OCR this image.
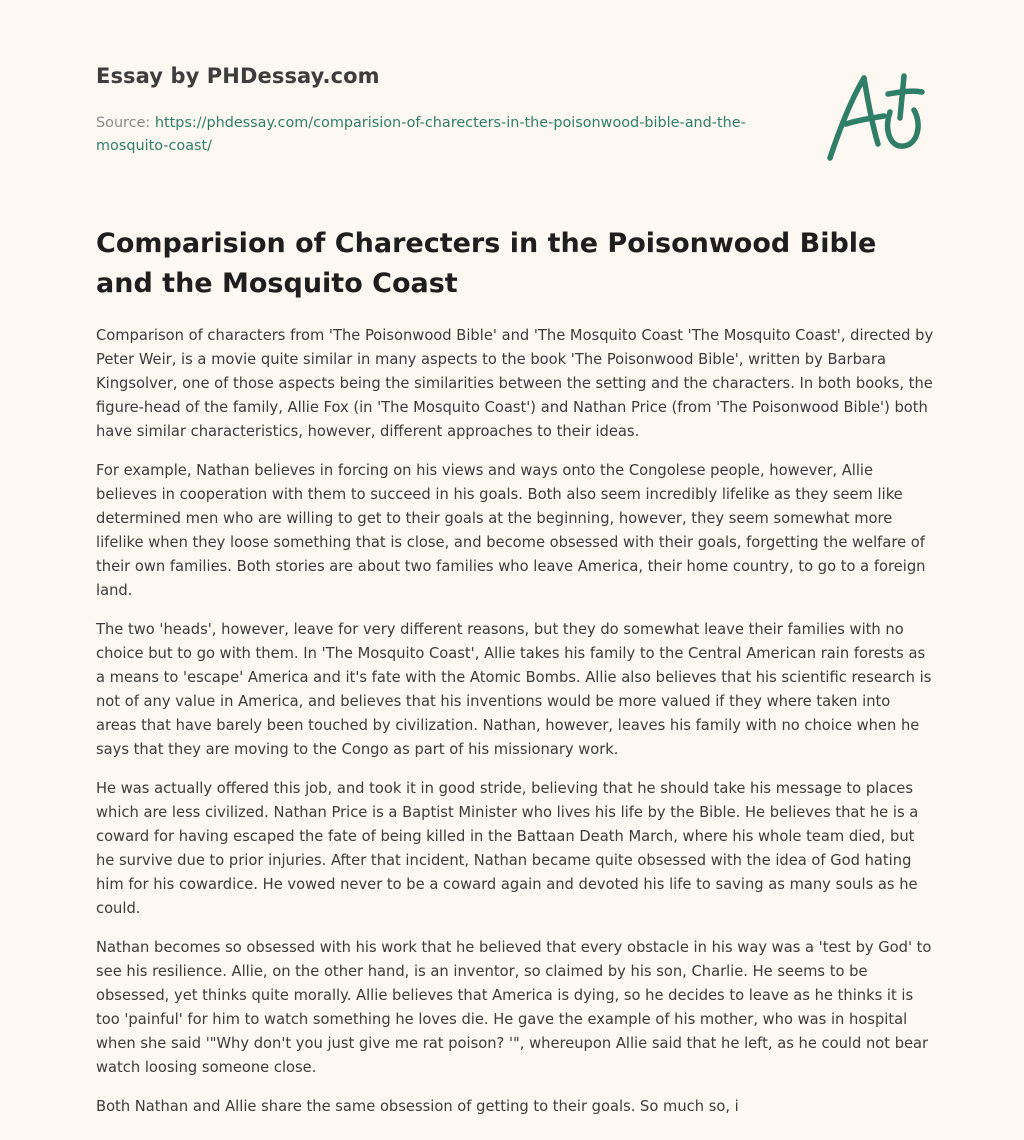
Essay by PHDessay.com

Source: https://phdessay.com/comparision-of-charecters-in-the-poisonwood-bible-and-the-mosquito-coast/

Comparision of Charecters in the Poisonwood Bible and the Mosquito Coast

Comparison of characters from 'The Poisonwood Bible' and 'The Mosquito Coast 'The Mosquito Coast', directed by Peter Weir, is a movie quite similar in many aspects to the book 'The Poisonwood Bible', written by Barbara Kingsolver, one of those aspects being the similarities between the setting and the characters. In both books, the figure-head of the family, Allie Fox (in 'The Mosquito Coast') and Nathan Price (from 'The Poisonwood Bible') both have similar characteristics, however, different approaches to their ideas.

For example, Nathan believes in forcing on his views and ways onto the Congolese people, however, Allie believes in cooperation with them to succeed in his goals. Both also seem incredibly lifelike as they seem like determined men who are willing to get to their goals at the beginning, however, they seem somewhat more lifelike when they loose something that is close, and become obsessed with their goals, forgetting the welfare of their own families. Both stories are about two families who leave America, their home country, to go to a foreign land.

The two 'heads', however, leave for very different reasons, but they do somewhat leave their families with no choice but to go with them. In 'The Mosquito Coast', Allie takes his family to the Central American rain forests as a means to 'escape' America and it's fate with the Atomic Bombs. Allie also believes that his scientific research is not of any value in America, and believes that his inventions would be more valued if they where taken into areas that have barely been touched by civilization. Nathan, however, leaves his family with no choice when he says that they are moving to the Congo as part of his missionary work.

He was actually offered this job, and took it in good stride, believing that he should take his message to places which are less civilized. Nathan Price is a Baptist Minister who lives his life by the Bible. He believes that he is a coward for having escaped the fate of being killed in the Battaan Death March, where his whole team died, but he survive due to prior injuries. After that incident, Nathan became quite obsessed with the idea of God hating him for his cowardice. He vowed never to be a coward again and devoted his life to saving as many souls as he could.

Nathan becomes so obsessed with his work that he believed that every obstacle in his way was a 'test by God' to see his resilience. Allie, on the other hand, is an inventor, so claimed by his son, Charlie. He seems to be obsessed, yet thinks quite morally. Allie believes that America is dying, so he decides to leave as he thinks it is too 'painful' for him to watch something he loves die. He gave the example of his mother, who was in hospital when she said '"Why don't you just give me rat poison? '", whereupon Allie said that he left, as he could not bear watch loosing someone close.

Both Nathan and Allie share the same obsession of getting to their goals. So much so, i
